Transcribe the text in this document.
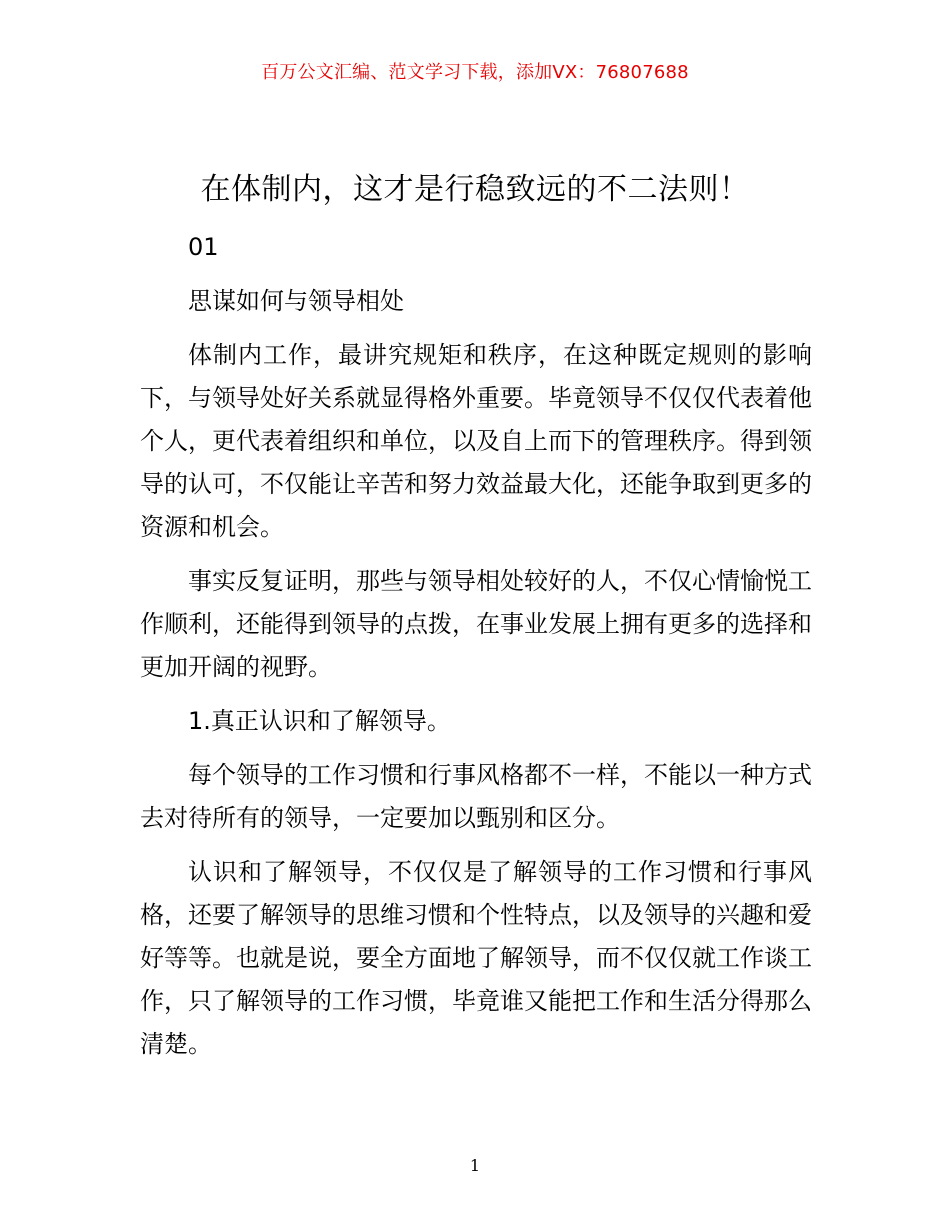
百万公文汇编、范文学习下载，添加VX：76807688
在体制内，这才是行稳致远的不二法则！

01

思谋如何与领导相处

体制内工作，最讲究规矩和秩序，在这种既定规则的影响下，与领导处好关系就显得格外重要。毕竟领导不仅仅代表着他个人，更代表着组织和单位，以及自上而下的管理秩序。得到领导的认可，不仅能让辛苦和努力效益最大化，还能争取到更多的资源和机会。

事实反复证明，那些与领导相处较好的人，不仅心情愉悦工作顺利，还能得到领导的点拨，在事业发展上拥有更多的选择和更加开阔的视野。

1.真正认识和了解领导。

每个领导的工作习惯和行事风格都不一样，不能以一种方式去对待所有的领导，一定要加以甄别和区分。

认识和了解领导，不仅仅是了解领导的工作习惯和行事风格，还要了解领导的思维习惯和个性特点，以及领导的兴趣和爱好等等。也就是说，要全方面地了解领导，而不仅仅就工作谈工作，只了解领导的工作习惯，毕竟谁又能把工作和生活分得那么清楚。

1
